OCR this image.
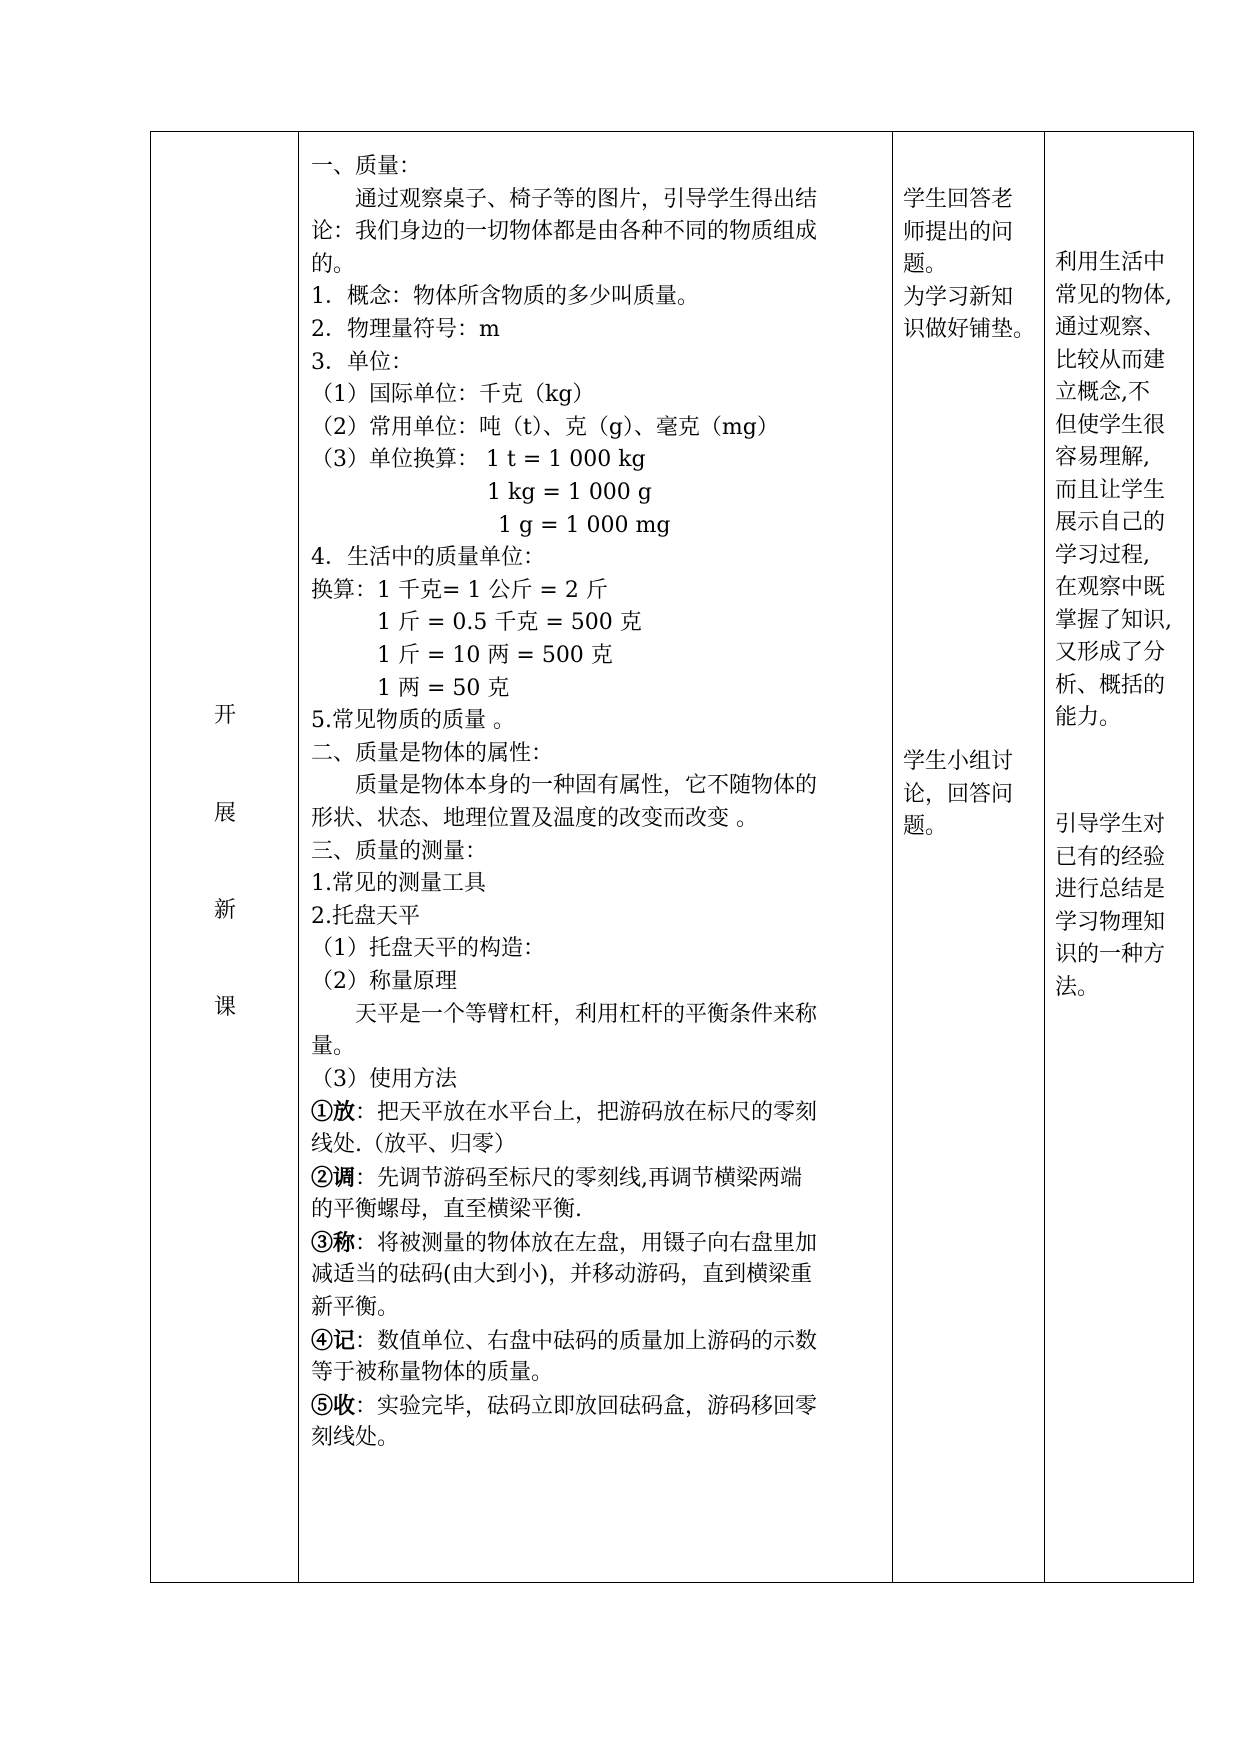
开
展
新
课
一、质量：
通过观察桌子、椅子等的图片，引导学生得出结
论：我们身边的一切物体都是由各种不同的物质组成
的。
1．概念：物体所含物质的多少叫质量。
2．物理量符号：m
3．单位：
（1）国际单位：千克（kg）
（2）常用单位：吨（t）、克（g）、毫克（mg）
（3）单位换算： 1 t = 1 000 kg
1 kg = 1 000 g
1 g = 1 000 mg
4．生活中的质量单位：
换算：1 千克= 1 公斤 = 2 斤
1 斤 = 0.5 千克 = 500 克
1 斤 = 10 两 = 500 克
1 两 = 50 克
5.常见物质的质量 。
二、质量是物体的属性：
质量是物体本身的一种固有属性，它不随物体的
形状、状态、地理位置及温度的改变而改变 。
三、质量的测量：
1.常见的测量工具
2.托盘天平
（1）托盘天平的构造：
（2）称量原理
天平是一个等臂杠杆，利用杠杆的平衡条件来称
量。
（3）使用方法
①放：把天平放在水平台上，把游码放在标尺的零刻
线处.（放平、归零）
②调：先调节游码至标尺的零刻线,再调节横梁两端
的平衡螺母，直至横梁平衡.
③称：将被测量的物体放在左盘，用镊子向右盘里加
减适当的砝码(由大到小)，并移动游码，直到横梁重
新平衡。
④记：数值单位、右盘中砝码的质量加上游码的示数
等于被称量物体的质量。
⑤收：实验完毕，砝码立即放回砝码盒，游码移回零
刻线处。
学生回答老
师提出的问
题。
为学习新知
识做好铺垫。
学生小组讨
论，回答问
题。
利用生活中
常见的物体,
通过观察、
比较从而建
立概念,不
但使学生很
容易理解,
而且让学生
展示自己的
学习过程,
在观察中既
掌握了知识,
又形成了分
析、概括的
能力。
引导学生对
已有的经验
进行总结是
学习物理知
识的一种方
法。
